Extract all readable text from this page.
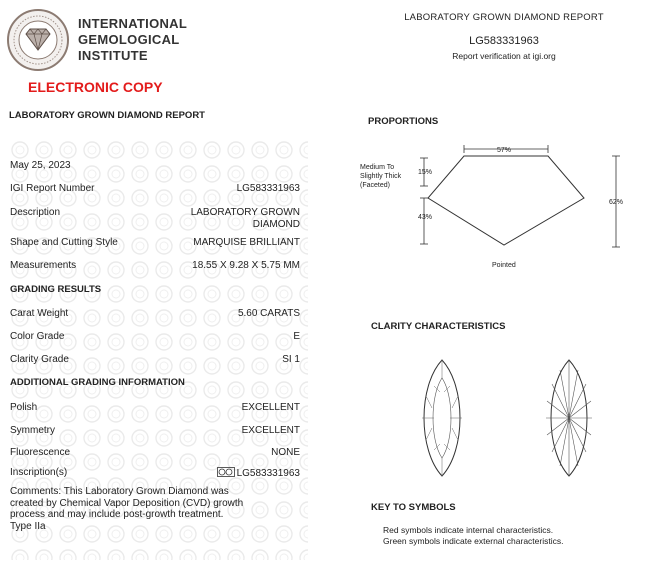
INTERNATIONAL
GEMOLOGICAL
INSTITUTE
ELECTRONIC COPY
LABORATORY GROWN DIAMOND REPORT
LG583331963
Report verification at igi.org
LABORATORY GROWN DIAMOND REPORT
May 25, 2023
IGI Report Number	LG583331963
Description	LABORATORY GROWN
DIAMOND
Shape and Cutting Style	MARQUISE BRILLIANT
Measurements	18.55 X 9.28 X 5.75 MM
GRADING RESULTS
Carat Weight	5.60 CARATS
Color Grade	E
Clarity Grade	SI 1
ADDITIONAL GRADING INFORMATION
Polish	EXCELLENT
Symmetry	EXCELLENT
Fluorescence	NONE
Inscription(s)	LG583331963
Comments: This Laboratory Grown Diamond was
created by Chemical Vapor Deposition (CVD) growth
process and may include post-growth treatment.
Type IIa
PROPORTIONS
57%
Medium To
Slightly Thick
(Faceted)
15%
43%
62%
Pointed
CLARITY CHARACTERISTICS
KEY TO SYMBOLS
Red symbols indicate internal characteristics.
Green symbols indicate external characteristics.
